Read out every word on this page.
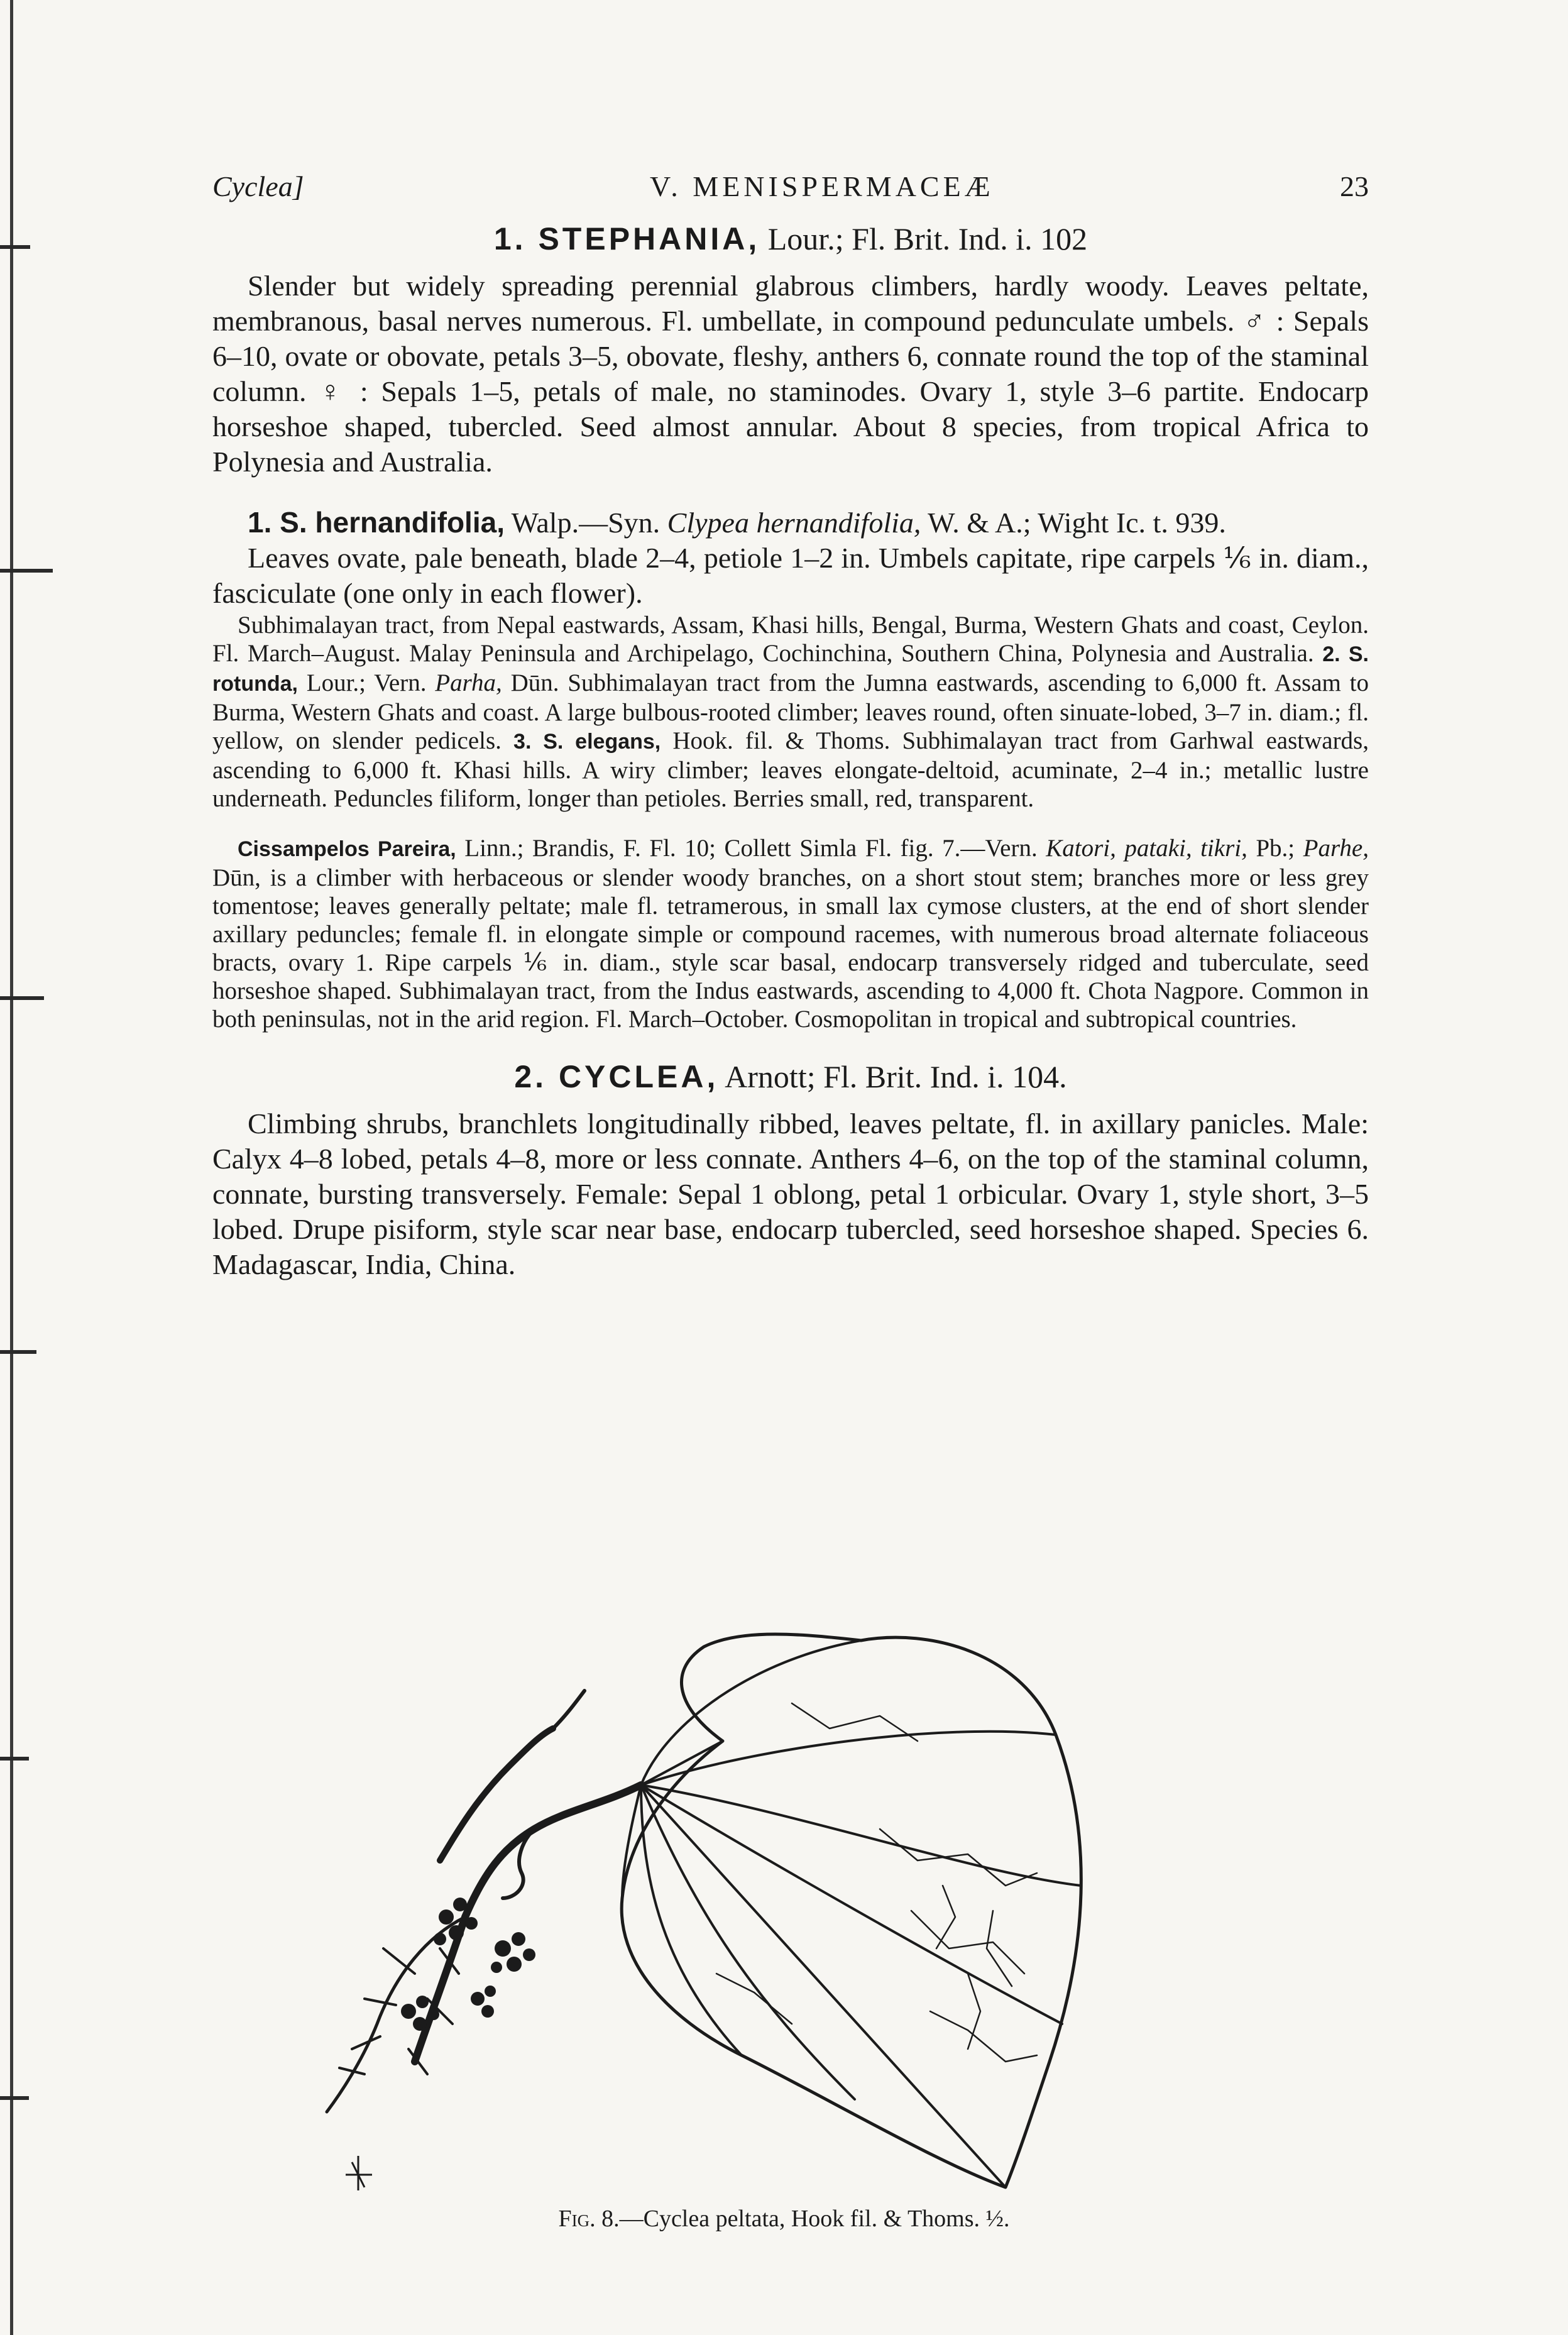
Cyclea]	V. MENISPERMACEÆ	23
1. STEPHANIA, Lour.; Fl. Brit. Ind. i. 102

Slender but widely spreading perennial glabrous climbers, hardly woody. Leaves peltate, membranous, basal nerves numerous. Fl. umbellate, in compound pedunculate umbels. ♂ : Sepals 6–10, ovate or obovate, petals 3–5, obovate, fleshy, anthers 6, connate round the top of the staminal column. ♀ : Sepals 1–5, petals of male, no staminodes. Ovary 1, style 3–6 partite. Endocarp horseshoe shaped, tubercled. Seed almost annular. About 8 species, from tropical Africa to Polynesia and Australia.

1. S. hernandifolia, Walp.—Syn. Clypea hernandifolia, W. & A.; Wight Ic. t. 939.

Leaves ovate, pale beneath, blade 2–4, petiole 1–2 in. Umbels capitate, ripe carpels ⅙ in. diam., fasciculate (one only in each flower).

Subhimalayan tract, from Nepal eastwards, Assam, Khasi hills, Bengal, Burma, Western Ghats and coast, Ceylon. Fl. March–August. Malay Peninsula and Archipelago, Cochinchina, Southern China, Polynesia and Australia. 2. S. rotunda, Lour.; Vern. Parha, Dūn. Subhimalayan tract from the Jumna eastwards, ascending to 6,000 ft. Assam to Burma, Western Ghats and coast. A large bulbous-rooted climber; leaves round, often sinuate-lobed, 3–7 in. diam.; fl. yellow, on slender pedicels. 3. S. elegans, Hook. fil. & Thoms. Subhimalayan tract from Garhwal eastwards, ascending to 6,000 ft. Khasi hills. A wiry climber; leaves elongate-deltoid, acuminate, 2–4 in.; metallic lustre underneath. Peduncles filiform, longer than petioles. Berries small, red, transparent.

Cissampelos Pareira, Linn.; Brandis, F. Fl. 10; Collett Simla Fl. fig. 7.—Vern. Katori, pataki, tikri, Pb.; Parhe, Dūn, is a climber with herbaceous or slender woody branches, on a short stout stem; branches more or less grey tomentose; leaves generally peltate; male fl. tetramerous, in small lax cymose clusters, at the end of short slender axillary peduncles; female fl. in elongate simple or compound racemes, with numerous broad alternate foliaceous bracts, ovary 1. Ripe carpels ⅙ in. diam., style scar basal, endocarp transversely ridged and tuberculate, seed horseshoe shaped. Subhimalayan tract, from the Indus eastwards, ascending to 4,000 ft. Chota Nagpore. Common in both peninsulas, not in the arid region. Fl. March–October. Cosmopolitan in tropical and subtropical countries.

2. CYCLEA, Arnott; Fl. Brit. Ind. i. 104.

Climbing shrubs, branchlets longitudinally ribbed, leaves peltate, fl. in axillary panicles. Male: Calyx 4–8 lobed, petals 4–8, more or less connate. Anthers 4–6, on the top of the staminal column, connate, bursting transversely. Female: Sepal 1 oblong, petal 1 orbicular. Ovary 1, style short, 3–5 lobed. Drupe pisiform, style scar near base, endocarp tubercled, seed horseshoe shaped. Species 6. Madagascar, India, China.

Fig. 8.—Cyclea peltata, Hook fil. & Thoms. ½.
